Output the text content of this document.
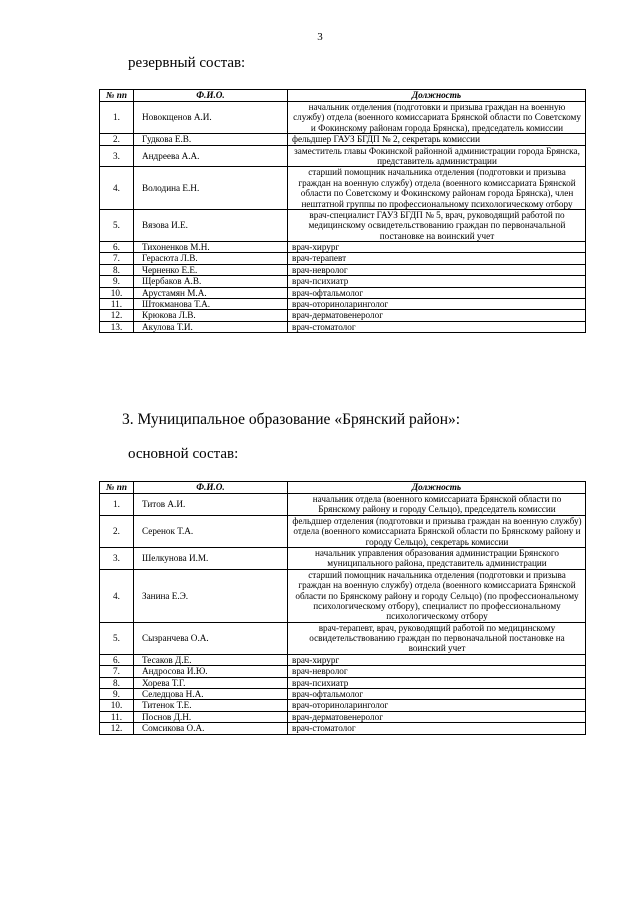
3
резервный состав:
№ пп	Ф.И.О.	Должность
1.	Новокщенов А.И.	начальник отделения (подготовки и призыва граждан на военную службу) отдела (военного комиссариата Брянской области по Советскому и Фокинскому районам города Брянска), председатель комиссии
2.	Гудкова Е.В.	фельдшер ГАУЗ БГДП № 2, секретарь комиссии
3.	Андреева А.А.	заместитель главы Фокинской районной администрации города Брянска, представитель администрации
4.	Володина Е.Н.	старший помощник начальника отделения (подготовки и призыва граждан на военную службу) отдела (военного комиссариата Брянской области по Советскому и Фокинскому районам города Брянска), член нештатной группы по профессиональному психологическому отбору
5.	Вязова И.Е.	врач-специалист ГАУЗ БГДП № 5, врач, руководящий работой по медицинскому освидетельствованию граждан по первоначальной постановке на воинский учет
6.	Тихоненков М.Н.	врач-хирург
7.	Герасюта Л.В.	врач-терапевт
8.	Черненко Е.Е.	врач-невролог
9.	Щербаков А.В.	врач-психиатр
10.	Арустамян М.А.	врач-офтальмолог
11.	Штокманова Т.А.	врач-оториноларинголог
12.	Крюкова Л.В.	врач-дерматовенеролог
13.	Акулова Т.И.	врач-стоматолог
3. Муниципальное образование «Брянский район»:
основной состав:
№ пп	Ф.И.О.	Должность
1.	Титов А.И.	начальник отдела (военного комиссариата Брянской области по Брянскому району и городу Сельцо), председатель комиссии
2.	Серенок Т.А.	фельдшер отделения (подготовки и призыва граждан на военную службу) отдела (военного комиссариата Брянской области по Брянскому району и городу Сельцо), секретарь комиссии
3.	Шелкунова И.М.	начальник управления образования администрации Брянского муниципального района, представитель администрации
4.	Занина Е.Э.	старший помощник начальника отделения (подготовки и призыва граждан на военную службу) отдела (военного комиссариата Брянской области по Брянскому району и городу Сельцо) (по профессиональному психологическому отбору), специалист по профессиональному психологическому отбору
5.	Сызранчева О.А.	врач-терапевт, врач, руководящий работой по медицинскому освидетельствованию граждан по первоначальной постановке на воинский учет
6.	Тесаков Д.Е.	врач-хирург
7.	Андросова И.Ю.	врач-невролог
8.	Хорева Т.Г.	врач-психиатр
9.	Селедцова Н.А.	врач-офтальмолог
10.	Титенок Т.Е.	врач-оториноларинголог
11.	Поснов Д.Н.	врач-дерматовенеролог
12.	Сомсикова О.А.	врач-стоматолог
